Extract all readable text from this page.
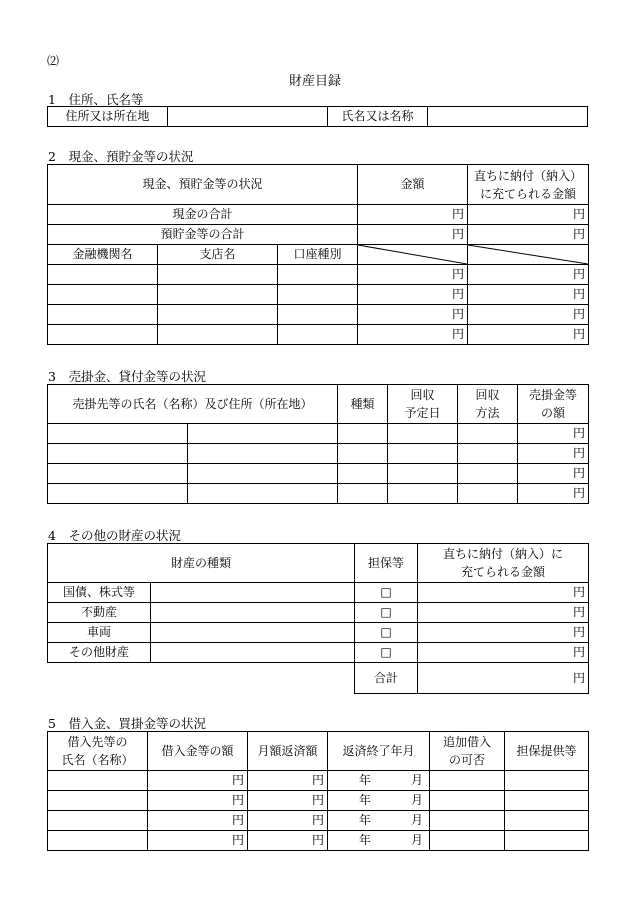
⑵
財産目録
1　住所、氏名等
住所又は所在地		氏名又は名称	
2　現金、預貯金等の状況
現金、預貯金等の状況			金額	直ちに納付（納入）
に充てられる金額
現金の合計			円	円
預貯金等の合計			円	円
金融機関名	支店名	口座種別	

			円	円
			円	円
			円	円
			円	円
3　売掛金、貸付金等の状況
売掛先等の氏名（名称）及び住所（所在地）		種類	回収
予定日	回収
方法	売掛金等
の額
					円
					円
					円
					円
4　その他の財産の状況
財産の種類		担保等	直ちに納付（納入）に
充てられる金額
国債、株式等		□	円
不動産		□	円
車両		□	円
その他財産		□	円
		合計	円
5　借入金、買掛金等の状況
借入先等の
氏名（名称）	借入金等の額	月額返済額	返済終了年月	追加借入
の可否	担保提供等
	円	円	年 月		
	円	円	年 月		
	円	円	年 月		
	円	円	年 月		
